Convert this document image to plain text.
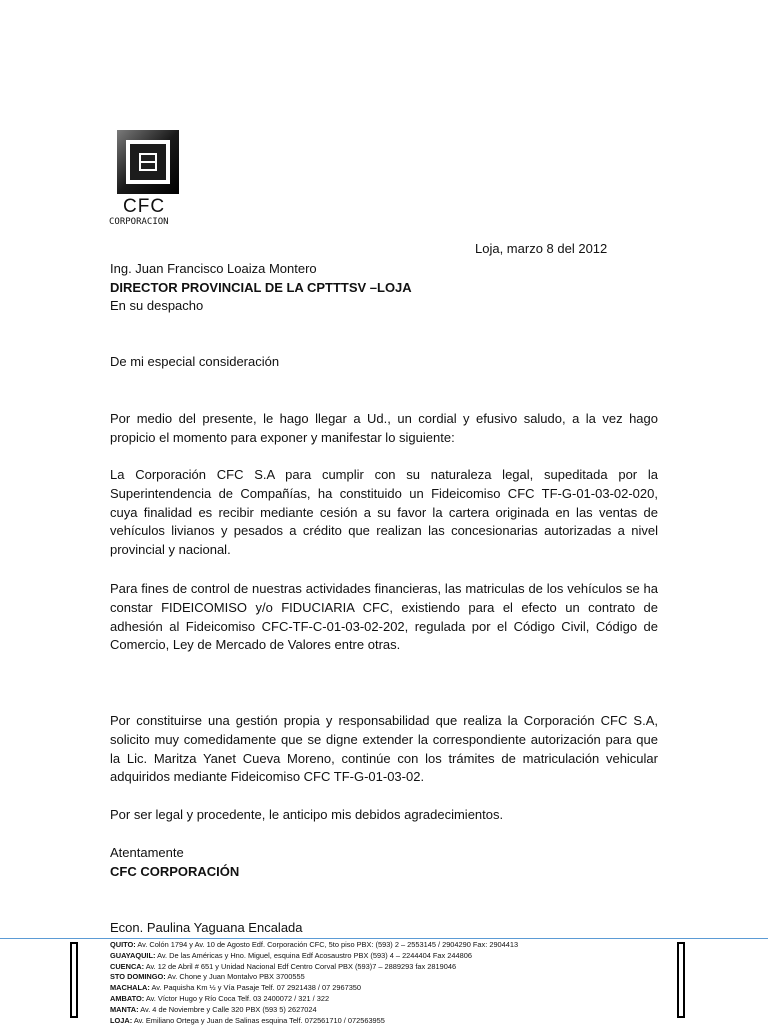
CFC
CORPORACION
Loja, marzo 8 del 2012
Ing. Juan Francisco Loaiza Montero
DIRECTOR PROVINCIAL DE LA CPTTTSV –LOJA
En su despacho
De mi especial consideración
Por medio del presente, le hago llegar a Ud., un cordial y efusivo saludo, a la vez hago propicio el momento para exponer y manifestar lo siguiente:
La Corporación CFC S.A para cumplir con su naturaleza legal, supeditada por la Superintendencia de Compañías, ha constituido un Fideicomiso CFC TF-G-01-03-02-020, cuya finalidad es recibir mediante cesión a su favor la cartera originada en las ventas de vehículos livianos y pesados a crédito que realizan las concesionarias autorizadas a nivel provincial y nacional.
Para fines de control de nuestras actividades financieras, las matriculas de los vehículos se ha constar FIDEICOMISO y/o FIDUCIARIA CFC, existiendo para el efecto un contrato de adhesión al Fideicomiso CFC-TF-C-01-03-02-202, regulada por el Código Civil, Código de Comercio, Ley de Mercado de Valores entre otras.
Por constituirse una gestión propia y responsabilidad que realiza la Corporación CFC S.A, solicito muy comedidamente que se digne extender la correspondiente autorización para que la Lic. Maritza Yanet Cueva Moreno, continúe con los trámites de matriculación vehicular adquiridos mediante Fideicomiso CFC TF-G-01-03-02.
Por ser legal y procedente, le anticipo mis debidos agradecimientos.
Atentamente
CFC CORPORACIÓN
Econ. Paulina Yaguana Encalada
QUITO: Av. Colón 1794 y Av. 10 de Agosto Edf. Corporación CFC, 5to piso PBX: (593) 2 – 2553145 / 2904290 Fax: 2904413
GUAYAQUIL: Av. De las Américas y Hno. Miguel, esquina Edf Acosaustro PBX (593) 4 – 2244404 Fax 244806
CUENCA: Av. 12 de Abril # 651 y Unidad Nacional Edf Centro Corval PBX (593)7 – 2889293 fax 2819046
STO DOMINGO: Av. Chone y Juan Montalvo PBX 3700555
MACHALA: Av. Paquisha Km ½ y Vía Pasaje Telf. 07 2921438 / 07 2967350
AMBATO: Av. Víctor Hugo y Río Coca Telf. 03 2400072 / 321 / 322
MANTA: Av. 4 de Noviembre y Calle 320 PBX (593 5) 2627024
LOJA: Av. Emiliano Ortega y Juan de Salinas esquina Telf. 072561710 / 072563955
